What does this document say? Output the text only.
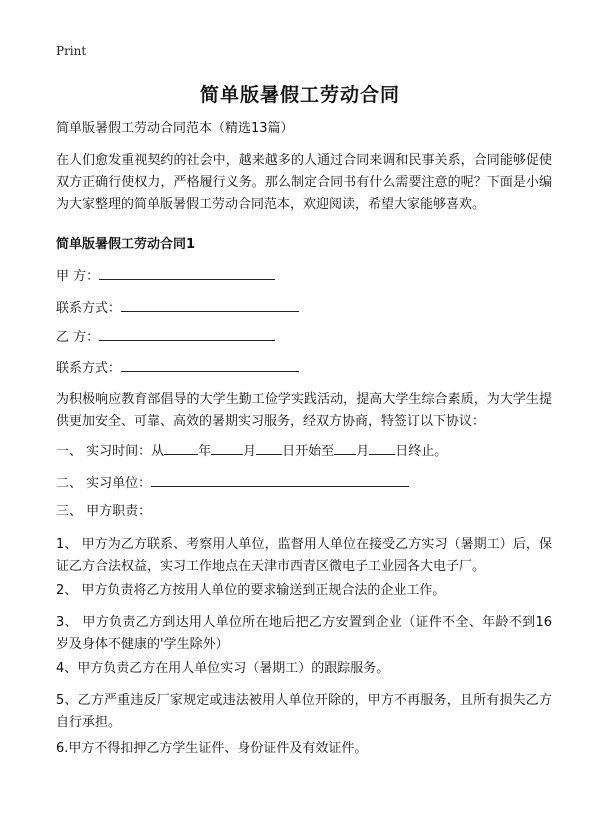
Print
简单版暑假工劳动合同
简单版暑假工劳动合同范本（精选13篇）
在人们愈发重视契约的社会中，越来越多的人通过合同来调和民事关系，合同能够促使双方正确行使权力，严格履行义务。那么制定合同书有什么需要注意的呢？下面是小编为大家整理的简单版暑假工劳动合同范本，欢迎阅读，希望大家能够喜欢。
简单版暑假工劳动合同1
甲 方：
联系方式：
乙 方：
联系方式：
为积极响应教育部倡导的大学生勤工俭学实践活动，提高大学生综合素质，为大学生提供更加安全、可靠、高效的暑期实习服务，经双方协商，特签订以下协议：
一、 实习时间：从	年 月 日开始至 月 日终止。
二、 实习单位：
三、 甲方职责：
1、 甲方为乙方联系、考察用人单位，监督用人单位在接受乙方实习（暑期工）后，保证乙方合法权益，实习工作地点在天津市西青区微电子工业园各大电子厂。
2、 甲方负责将乙方按用人单位的要求输送到正规合法的企业工作。
3、 甲方负责乙方到达用人单位所在地后把乙方安置到企业（证件不全、年龄不到16岁及身体不健康的'学生除外）
4、甲方负责乙方在用人单位实习（暑期工）的跟踪服务。
5、乙方严重违反厂家规定或违法被用人单位开除的，甲方不再服务，且所有损失乙方自行承担。
6.甲方不得扣押乙方学生证件、身份证件及有效证件。
